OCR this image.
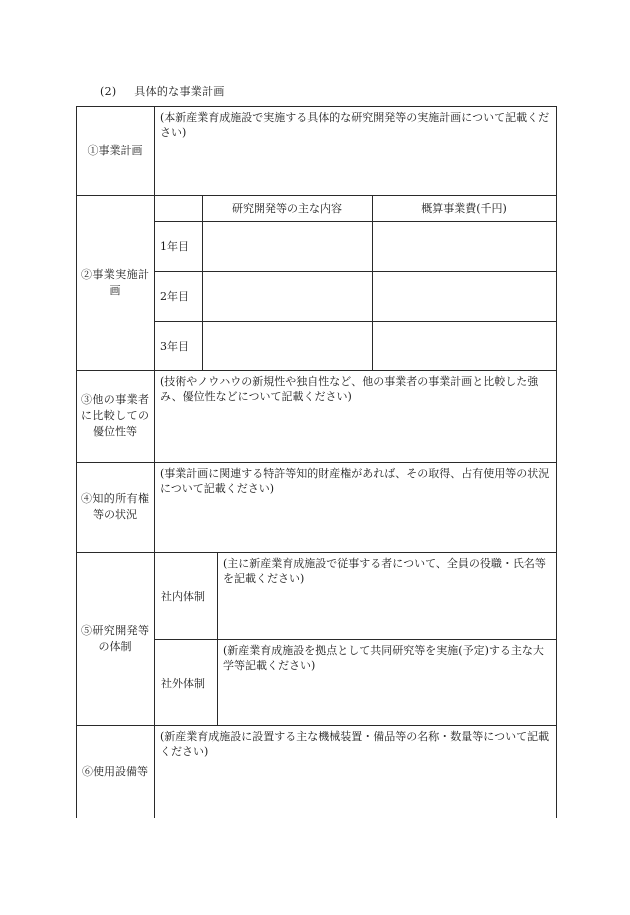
(2) 具体的な事業計画
①事業計画
(本新産業育成施設で実施する具体的な研究開発等の実施計画について記載ください)
②事業実施計画
研究開発等の主な内容	概算事業費(千円)
1年目
2年目
3年目
③他の事業者に比較しての優位性等
(技術やノウハウの新規性や独自性など、他の事業者の事業計画と比較した強み、優位性などについて記載ください)
④知的所有権等の状況
(事業計画に関連する特許等知的財産権があれば、その取得、占有使用等の状況について記載ください)
⑤研究開発等の体制
社内体制
(主に新産業育成施設で従事する者について、全員の役職・氏名等を記載ください)
社外体制
(新産業育成施設を拠点として共同研究等を実施(予定)する主な大学等記載ください)
⑥使用設備等
(新産業育成施設に設置する主な機械装置・備品等の名称・数量等について記載ください)
